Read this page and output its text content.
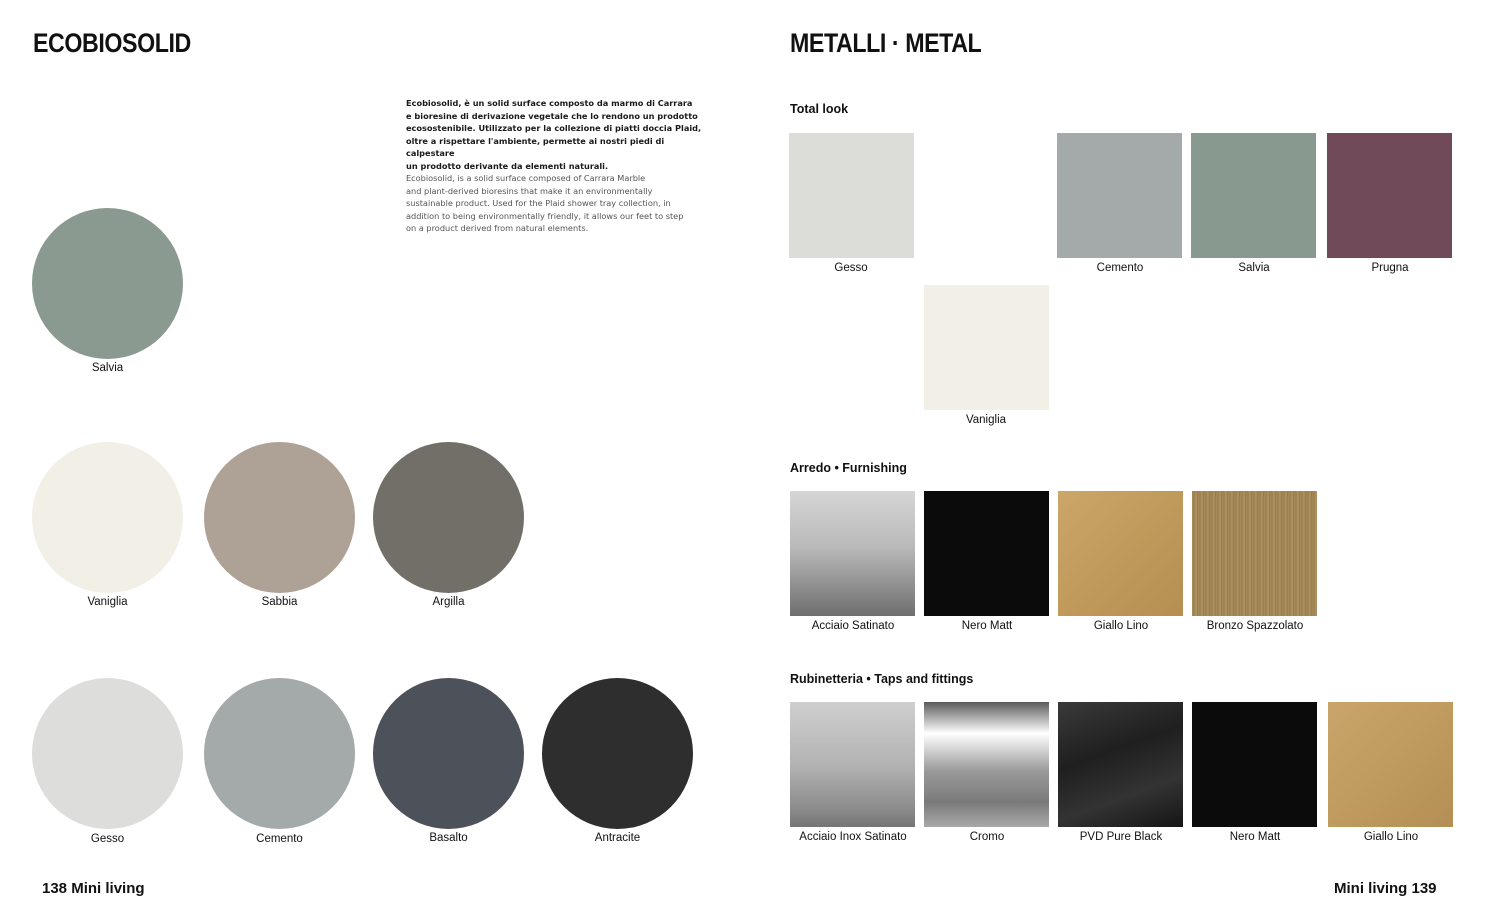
ECOBIOSOLID
Ecobiosolid, è un solid surface composto da marmo di Carrara
e bioresine di derivazione vegetale che lo rendono un prodotto
ecosostenibile. Utilizzato per la collezione di piatti doccia Plaid,
oltre a rispettare l'ambiente, permette ai nostri piedi di calpestare
un prodotto derivante da elementi naturali.
Ecobiosolid, is a solid surface composed of Carrara Marble
and plant-derived bioresins that make it an environmentally
sustainable product. Used for the Plaid shower tray collection, in
addition to being environmentally friendly, it allows our feet to step
on a product derived from natural elements.
Salvia
Vaniglia	Sabbia	Argilla
Gesso	Cemento	Basalto	Antracite
138 Mini living
METALLI · METAL
Total look
Gesso	Cemento	Salvia	Prugna
Vaniglia
Arredo • Furnishing
Acciaio Satinato	Nero Matt	Giallo Lino	Bronzo Spazzolato
Rubinetteria • Taps and fittings
Acciaio Inox Satinato	Cromo	PVD Pure Black	Nero Matt	Giallo Lino
Mini living 139
